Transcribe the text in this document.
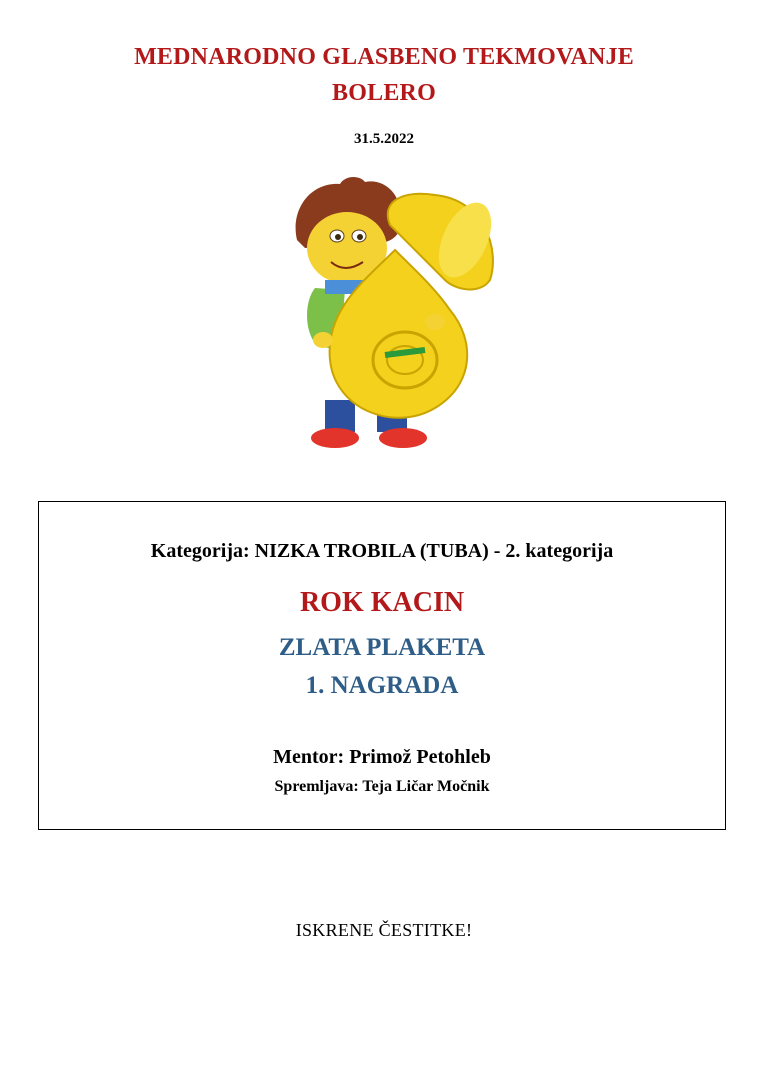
MEDNARODNO GLASBENO TEKMOVANJE
BOLERO
31.5.2022
Kategorija: NIZKA TROBILA (TUBA) - 2. kategorija
ROK KACIN
ZLATA PLAKETA
1. NAGRADA
Mentor: Primož Petohleb
Spremljava: Teja Ličar Močnik
ISKRENE ČESTITKE!
